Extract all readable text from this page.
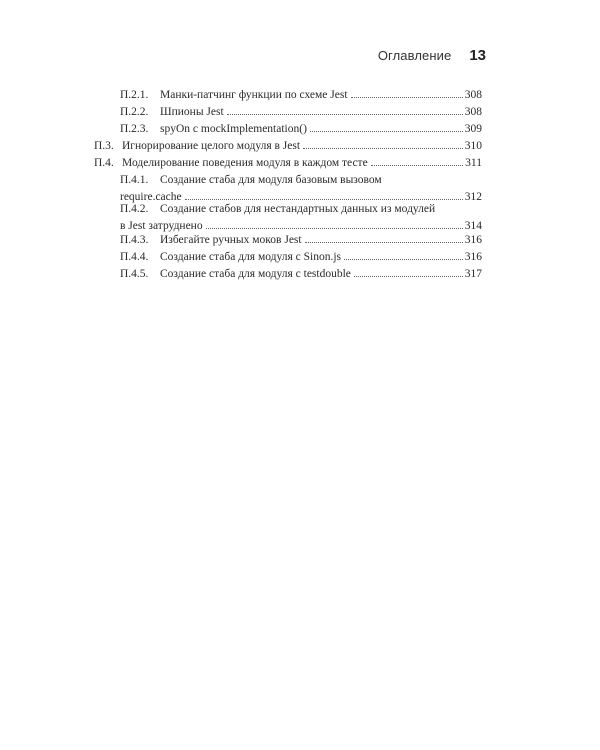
Оглавление 13
П.2.1.	Манки-патчинг функции по схеме Jest	308
П.2.2.	Шпионы Jest	308
П.2.3.	spyOn с mockImplementation()	309
П.3. Игнорирование целого модуля в Jest	310
П.4. Моделирование поведения модуля в каждом тесте	311
П.4.1.	Создание стаба для модуля базовым вызовом
require.cache	312
П.4.2.	Создание стабов для нестандартных данных из модулей
в Jest затруднено	314
П.4.3.	Избегайте ручных моков Jest	316
П.4.4.	Создание стаба для модуля с Sinon.js	316
П.4.5.	Создание стаба для модуля с testdouble	317
